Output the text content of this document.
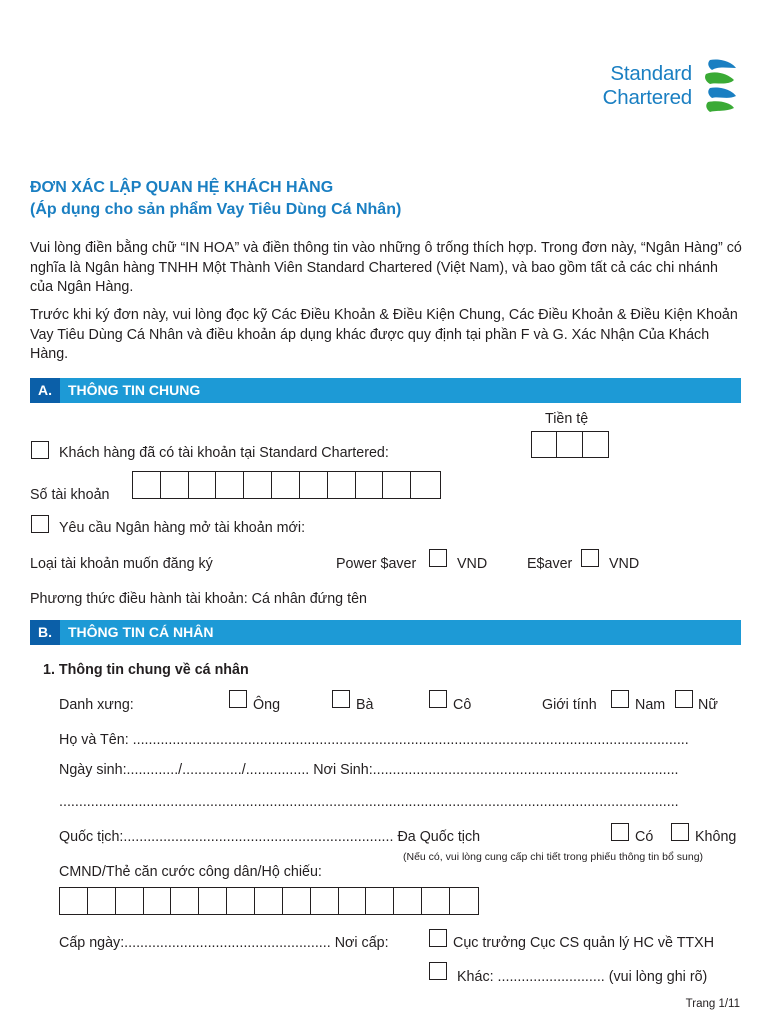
Standard
Chartered
ĐƠN XÁC LẬP QUAN HỆ KHÁCH HÀNG
(Áp dụng cho sản phẩm Vay Tiêu Dùng Cá Nhân)
Vui lòng điền bằng chữ “IN HOA” và điền thông tin vào những ô trống thích hợp. Trong đơn này, “Ngân Hàng” có nghĩa là Ngân hàng TNHH Một Thành Viên Standard Chartered (Việt Nam), và bao gồm tất cả các chi nhánh của Ngân Hàng.
Trước khi ký đơn này, vui lòng đọc kỹ Các Điều Khoản & Điều Kiện Chung, Các Điều Khoản & Điều Kiện Khoản Vay Tiêu Dùng Cá Nhân và điều khoản áp dụng khác được quy định tại phần F và G. Xác Nhận Của Khách Hàng.
A.	THÔNG TIN CHUNG
Tiền tệ
Khách hàng đã có tài khoản tại Standard Chartered:
Số tài khoản
Yêu cầu Ngân hàng mở tài khoản mới:
Loại tài khoản muốn đăng ký	Power $aver	VND	E$aver	VND
Phương thức điều hành tài khoản: Cá nhân đứng tên
B.	THÔNG TIN CÁ NHÂN
1. Thông tin chung về cá nhân
Danh xưng:	Ông	Bà	Cô	Giới tính	Nam Nữ
Họ và Tên: ............................................................................................................................................
Ngày sinh:............./.............../................ Nơi Sinh:.............................................................................
............................................................................................................................................................
Quốc tịch:.................................................................... Đa Quốc tịch	Có	Không
(Nếu có, vui lòng cung cấp chi tiết trong phiếu thông tin bổ sung)
CMND/Thẻ căn cước công dân/Hộ chiếu:
Cấp ngày:.................................................... Nơi cấp:	Cục trưởng Cục CS quản lý HC về TTXH
Khác: ........................... (vui lòng ghi rõ)
Trang 1/11
